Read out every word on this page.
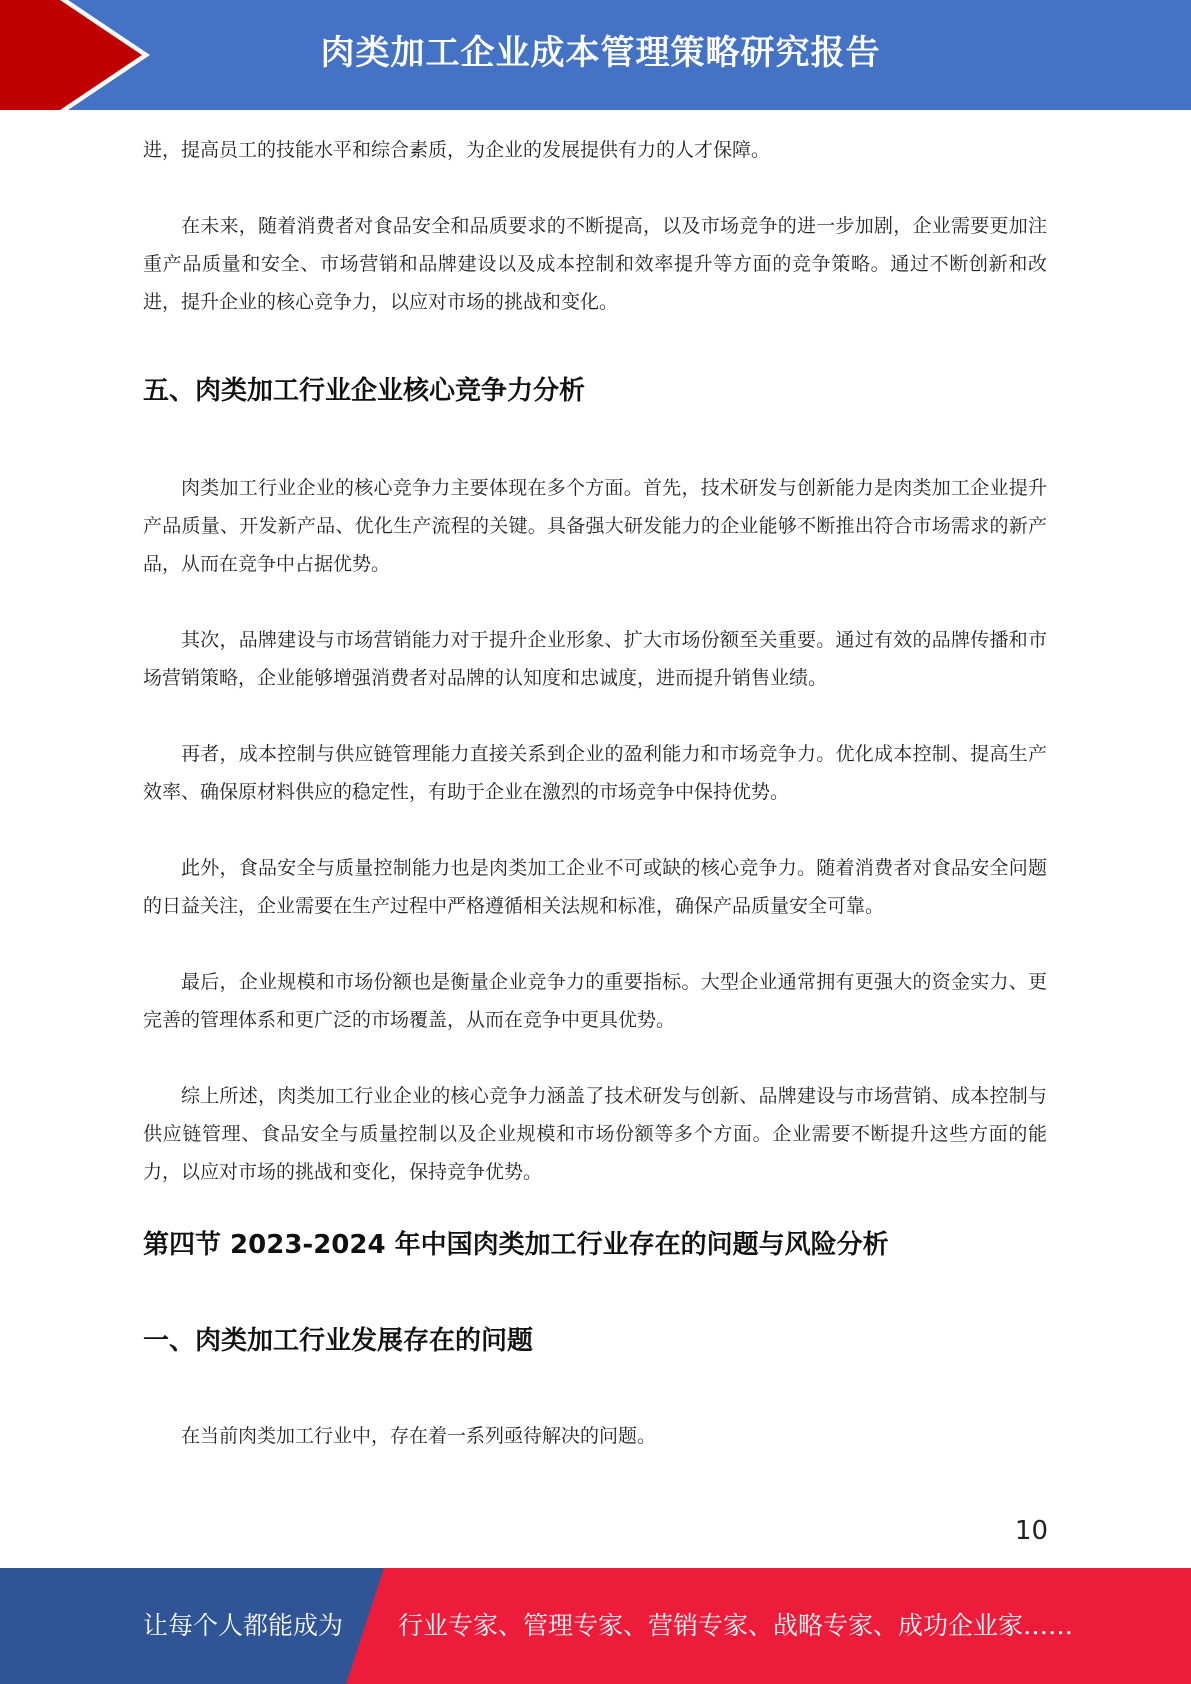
肉类加工企业成本管理策略研究报告

进，提高员工的技能水平和综合素质，为企业的发展提供有力的人才保障。

在未来，随着消费者对食品安全和品质要求的不断提高，以及市场竞争的进一步加剧，企业需要更加注重产品质量和安全、市场营销和品牌建设以及成本控制和效率提升等方面的竞争策略。通过不断创新和改进，提升企业的核心竞争力，以应对市场的挑战和变化。

五、肉类加工行业企业核心竞争力分析

肉类加工行业企业的核心竞争力主要体现在多个方面。首先，技术研发与创新能力是肉类加工企业提升产品质量、开发新产品、优化生产流程的关键。具备强大研发能力的企业能够不断推出符合市场需求的新产品，从而在竞争中占据优势。

其次，品牌建设与市场营销能力对于提升企业形象、扩大市场份额至关重要。通过有效的品牌传播和市场营销策略，企业能够增强消费者对品牌的认知度和忠诚度，进而提升销售业绩。

再者，成本控制与供应链管理能力直接关系到企业的盈利能力和市场竞争力。优化成本控制、提高生产效率、确保原材料供应的稳定性，有助于企业在激烈的市场竞争中保持优势。

此外，食品安全与质量控制能力也是肉类加工企业不可或缺的核心竞争力。随着消费者对食品安全问题的日益关注，企业需要在生产过程中严格遵循相关法规和标准，确保产品质量安全可靠。

最后，企业规模和市场份额也是衡量企业竞争力的重要指标。大型企业通常拥有更强大的资金实力、更完善的管理体系和更广泛的市场覆盖，从而在竞争中更具优势。

综上所述，肉类加工行业企业的核心竞争力涵盖了技术研发与创新、品牌建设与市场营销、成本控制与供应链管理、食品安全与质量控制以及企业规模和市场份额等多个方面。企业需要不断提升这些方面的能力，以应对市场的挑战和变化，保持竞争优势。

第四节 2023-2024 年中国肉类加工行业存在的问题与风险分析
一、肉类加工行业发展存在的问题

在当前肉类加工行业中，存在着一系列亟待解决的问题。

10
让每个人都能成为 行业专家、管理专家、营销专家、战略专家、成功企业家……
